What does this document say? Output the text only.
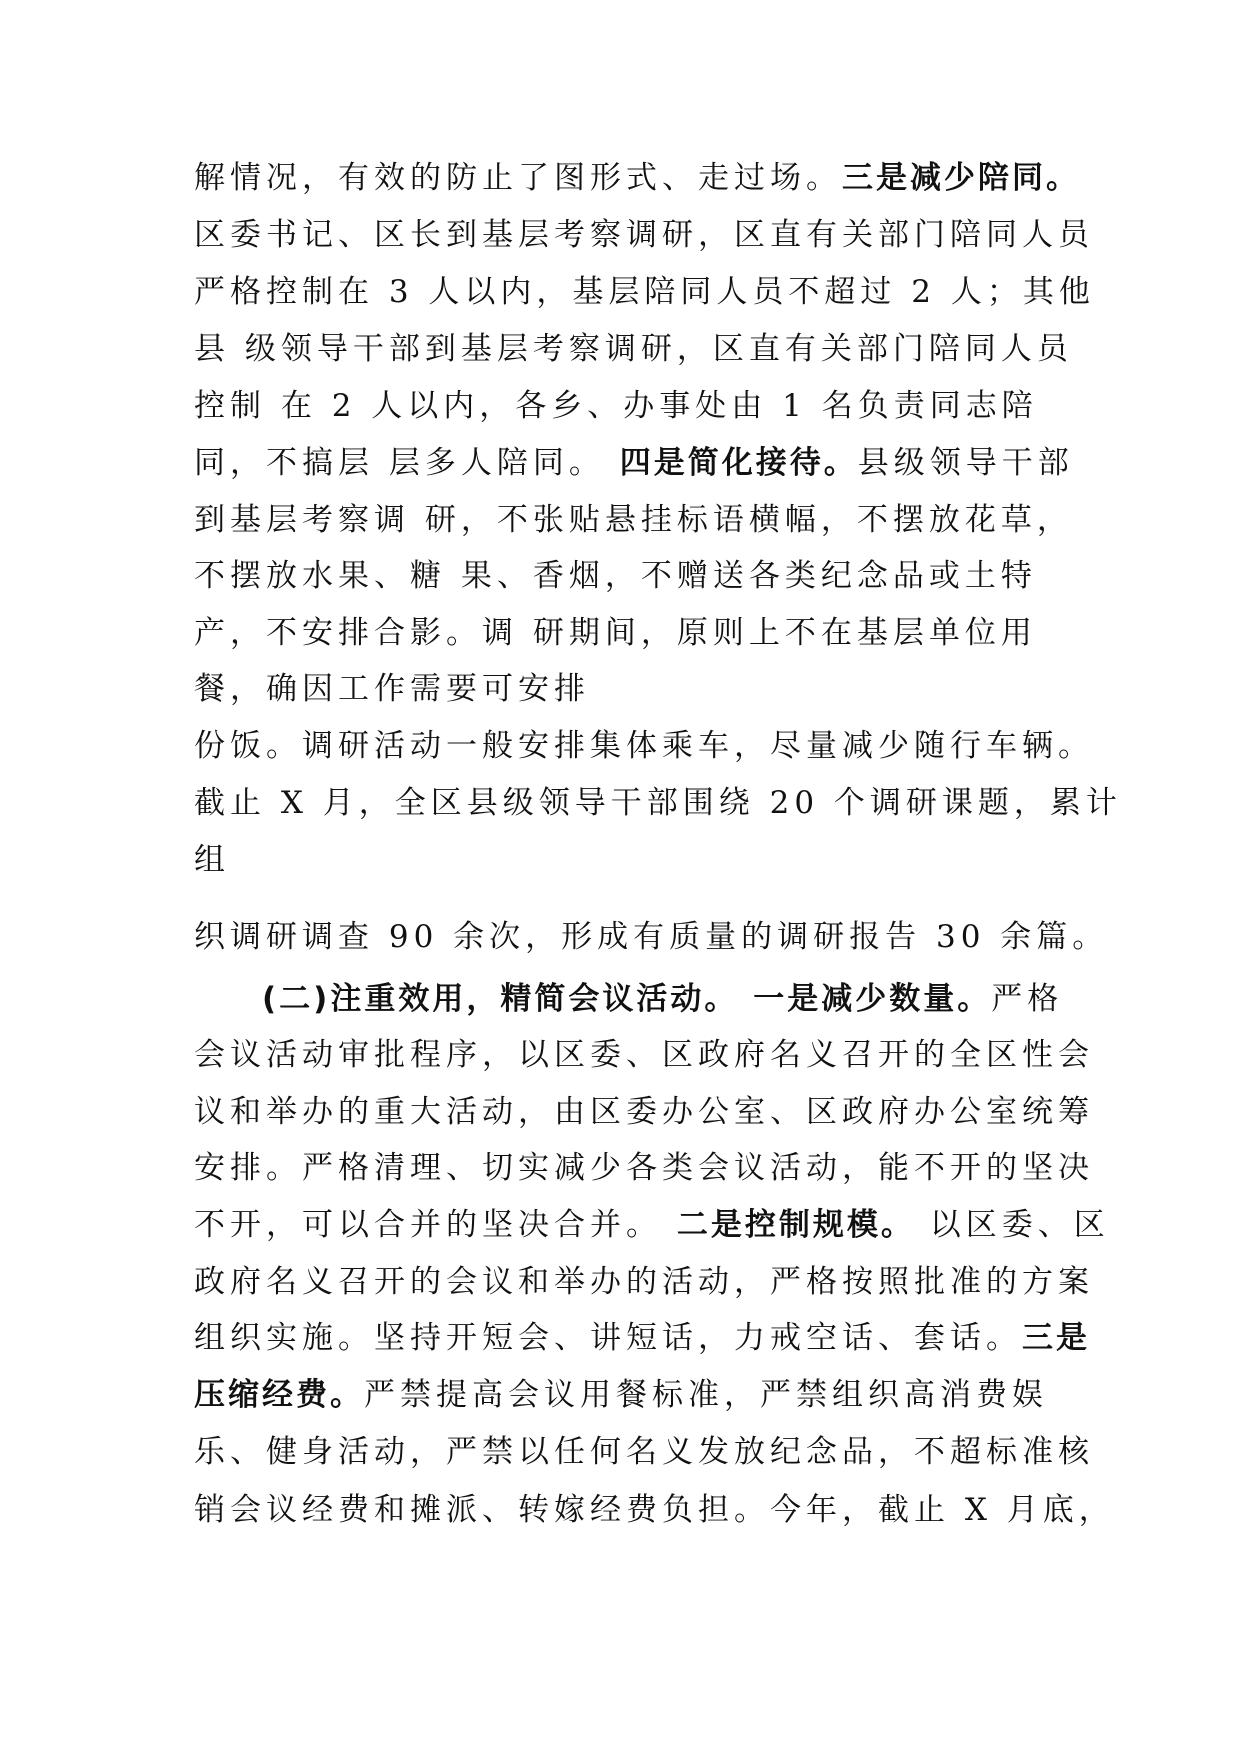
解情况，有效的防止了图形式、走过场。三是减少陪同。
区委书记、区长到基层考察调研，区直有关部门陪同人员
严格控制在 3 人以内，基层陪同人员不超过 2 人；其他
县 级领导干部到基层考察调研，区直有关部门陪同人员
控制 在 2 人以内，各乡、办事处由 1 名负责同志陪
同，不搞层 层多人陪同。 四是简化接待。县级领导干部
到基层考察调 研，不张贴悬挂标语横幅，不摆放花草，
不摆放水果、糖 果、香烟，不赠送各类纪念品或土特
产，不安排合影。调 研期间，原则上不在基层单位用
餐，确因工作需要可安排
份饭。调研活动一般安排集体乘车，尽量减少随行车辆。
截止 X 月，全区县级领导干部围绕 20 个调研课题，累计
组
织调研调查 90 余次，形成有质量的调研报告 30 余篇。
(二)注重效用，精简会议活动。 一是减少数量。严格
会议活动审批程序，以区委、区政府名义召开的全区性会
议和举办的重大活动，由区委办公室、区政府办公室统筹
安排。严格清理、切实减少各类会议活动，能不开的坚决
不开，可以合并的坚决合并。 二是控制规模。 以区委、区
政府名义召开的会议和举办的活动，严格按照批准的方案
组织实施。坚持开短会、讲短话，力戒空话、套话。三是
压缩经费。严禁提高会议用餐标准，严禁组织高消费娱
乐、健身活动，严禁以任何名义发放纪念品，不超标准核
销会议经费和摊派、转嫁经费负担。今年，截止 X 月底，
